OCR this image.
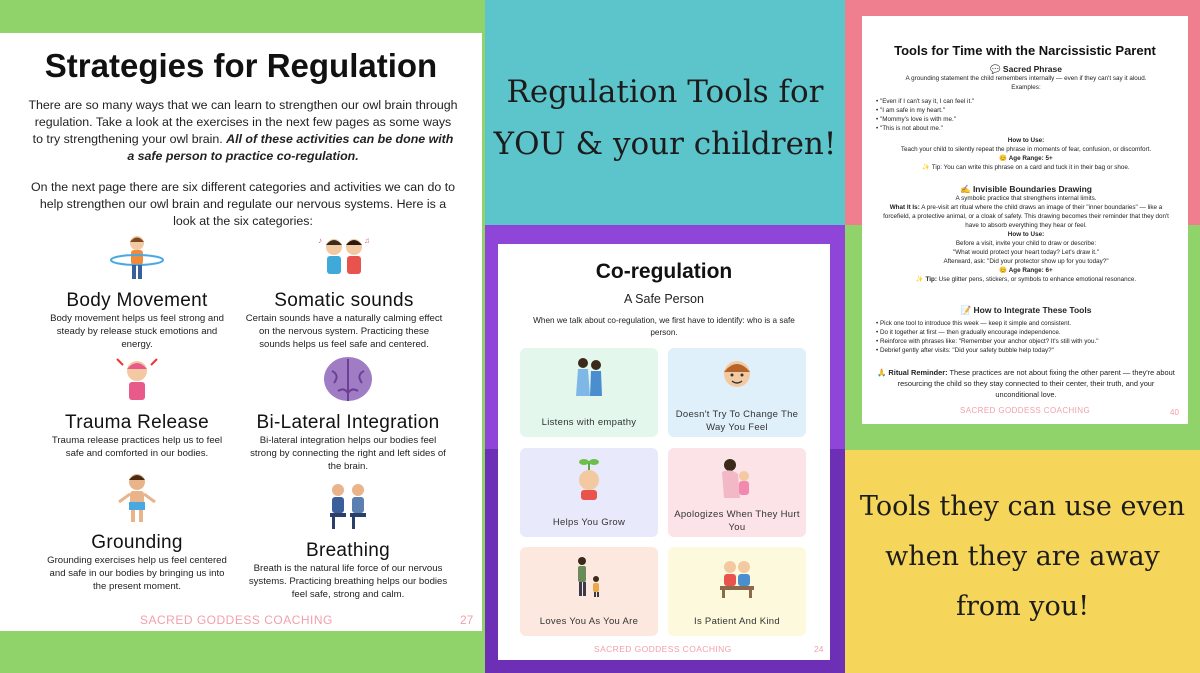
Strategies for Regulation

There are so many ways that we can learn to strengthen our owl brain through regulation. Take a look at the exercises in the next few pages as some ways to try strengthening your owl brain. All of these activities can be done with a safe person to practice co-regulation.

On the next page there are six different categories and activities we can do to help strengthen our owl brain and regulate our nervous systems. Here is a look at the six categories:

Body Movement
Body movement helps us feel strong and steady by release stuck emotions and energy.
♪	♫
Somatic sounds
Certain sounds have a naturally calming effect on the nervous system. Practicing these sounds helps us feel safe and centered.
Trauma Release
Trauma release practices help us to feel safe and comforted in our bodies.
Bi-Lateral Integration
Bi-lateral integration helps our bodies feel strong by connecting the right and left sides of the brain.
Grounding
Grounding exercises help us feel centered and safe in our bodies by bringing us into the present moment.
Breathing
Breath is the natural life force of our nervous systems. Practicing breathing helps our bodies feel safe, strong and calm.
SACRED GODDESS COACHING	27
Regulation Tools for
YOU & your children!
Co-regulation
A Safe Person
When we talk about co-regulation, we first have to identify: who is a safe person.
Listens with empathy
Doesn't Try To Change The Way You Feel
Helps You Grow
Apologizes When They Hurt You
Loves You As You Are	Is Patient And Kind
SACRED GODDESS COACHING	24
Tools for Time with the Narcissistic Parent
💬 Sacred Phrase
A grounding statement the child remembers internally — even if they can't say it aloud.
Examples:
• "Even if I can't say it, I can feel it."
• "I am safe in my heart."
• "Mommy's love is with me."
• "This is not about me."
How to Use:
Teach your child to silently repeat the phrase in moments of fear, confusion, or discomfort.
😊 Age Range: 5+
✨ Tip: You can write this phrase on a card and tuck it in their bag or shoe.
✍️ Invisible Boundaries Drawing
A symbolic practice that strengthens internal limits.
What It Is: A pre-visit art ritual where the child draws an image of their "inner boundaries" — like a forcefield, a protective animal, or a cloak of safety. This drawing becomes their reminder that they don't have to absorb everything they hear or feel.
How to Use:
Before a visit, invite your child to draw or describe:
"What would protect your heart today? Let's draw it."
Afterward, ask: "Did your protector show up for you today?"
😊 Age Range: 6+
✨ Tip: Use glitter pens, stickers, or symbols to enhance emotional resonance.
📝 How to Integrate These Tools
• Pick one tool to introduce this week — keep it simple and consistent.
• Do it together at first — then gradually encourage independence.
• Reinforce with phrases like: "Remember your anchor object? It's still with you."
• Debrief gently after visits: "Did your safety bubble help today?"
🙏 Ritual Reminder: These practices are not about fixing the other parent — they're about resourcing the child so they stay connected to their center, their truth, and your unconditional love.
SACRED GODDESS COACHING	40
Tools they can use even
when they are away
from you!
